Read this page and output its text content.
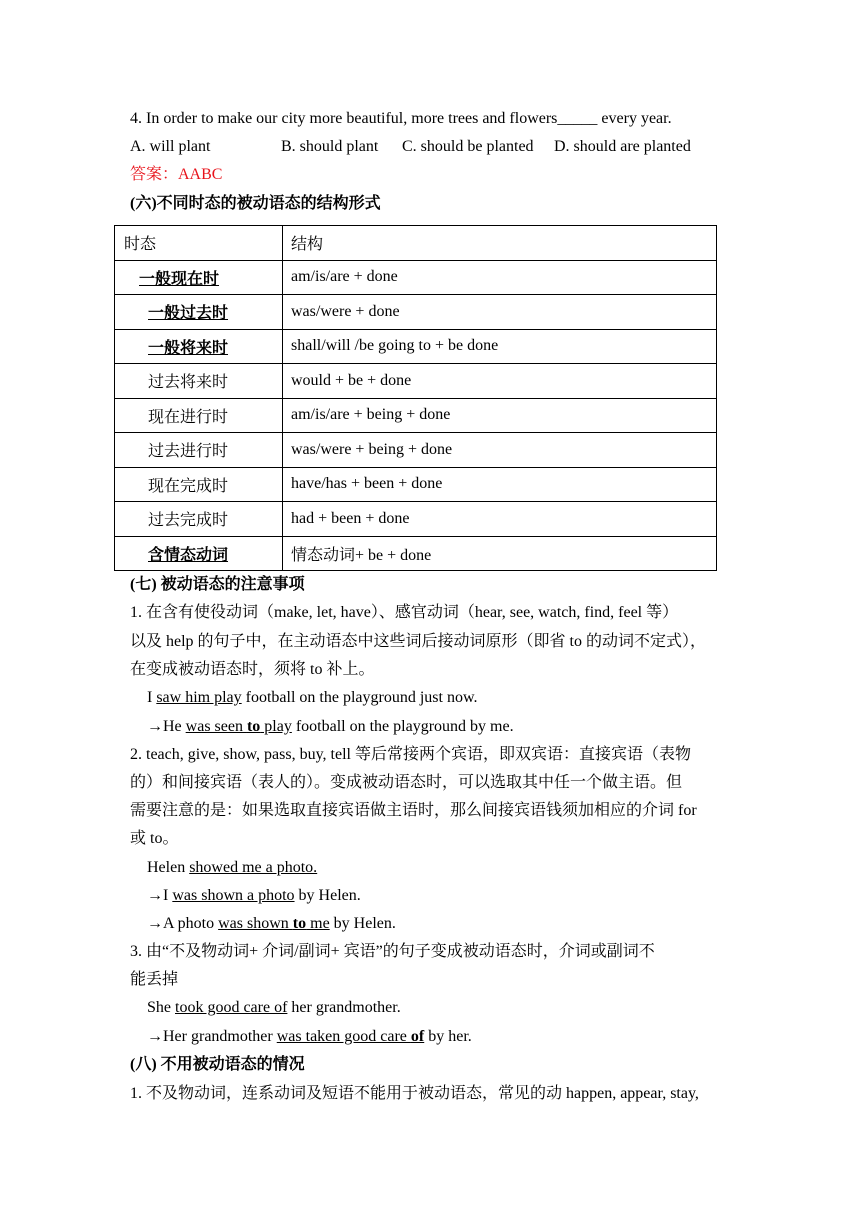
4. In order to make our city more beautiful, more trees and flowers_____ every year.
A. will plant	B. should plant C. should be planted D. should are planted
答案：AABC
(六)不同时态的被动语态的结构形式
时态	结构
一般现在时	am/is/are + done
一般过去时	was/were + done
一般将来时	shall/will /be going to + be done
过去将来时	would + be + done
现在进行时	am/is/are + being + done
过去进行时	was/were + being + done
现在完成时	have/has + been + done
过去完成时	had + been + done
含情态动词	情态动词+ be + done
(七) 被动语态的注意事项
1. 在含有使役动词（make, let, have）、感官动词（hear, see, watch, find, feel 等）
以及 help 的句子中，在主动语态中这些词后接动词原形（即省 to 的动词不定式），
在变成被动语态时，须将 to 补上。
I saw him play football on the playground just now.
→He was seen to play football on the playground by me.
2. teach, give, show, pass, buy, tell 等后常接两个宾语，即双宾语：直接宾语（表物
的）和间接宾语（表人的）。变成被动语态时，可以选取其中任一个做主语。但
需要注意的是：如果选取直接宾语做主语时，那么间接宾语钱须加相应的介词 for
或 to。
Helen showed me a photo.
→I was shown a photo by Helen.
→A photo was shown to me by Helen.
3. 由“不及物动词+ 介词/副词+ 宾语”的句子变成被动语态时，介词或副词不
能丢掉
She took good care of her grandmother.
→Her grandmother was taken good care of by her.
(八) 不用被动语态的情况
1. 不及物动词，连系动词及短语不能用于被动语态，常见的动 happen, appear, stay,
